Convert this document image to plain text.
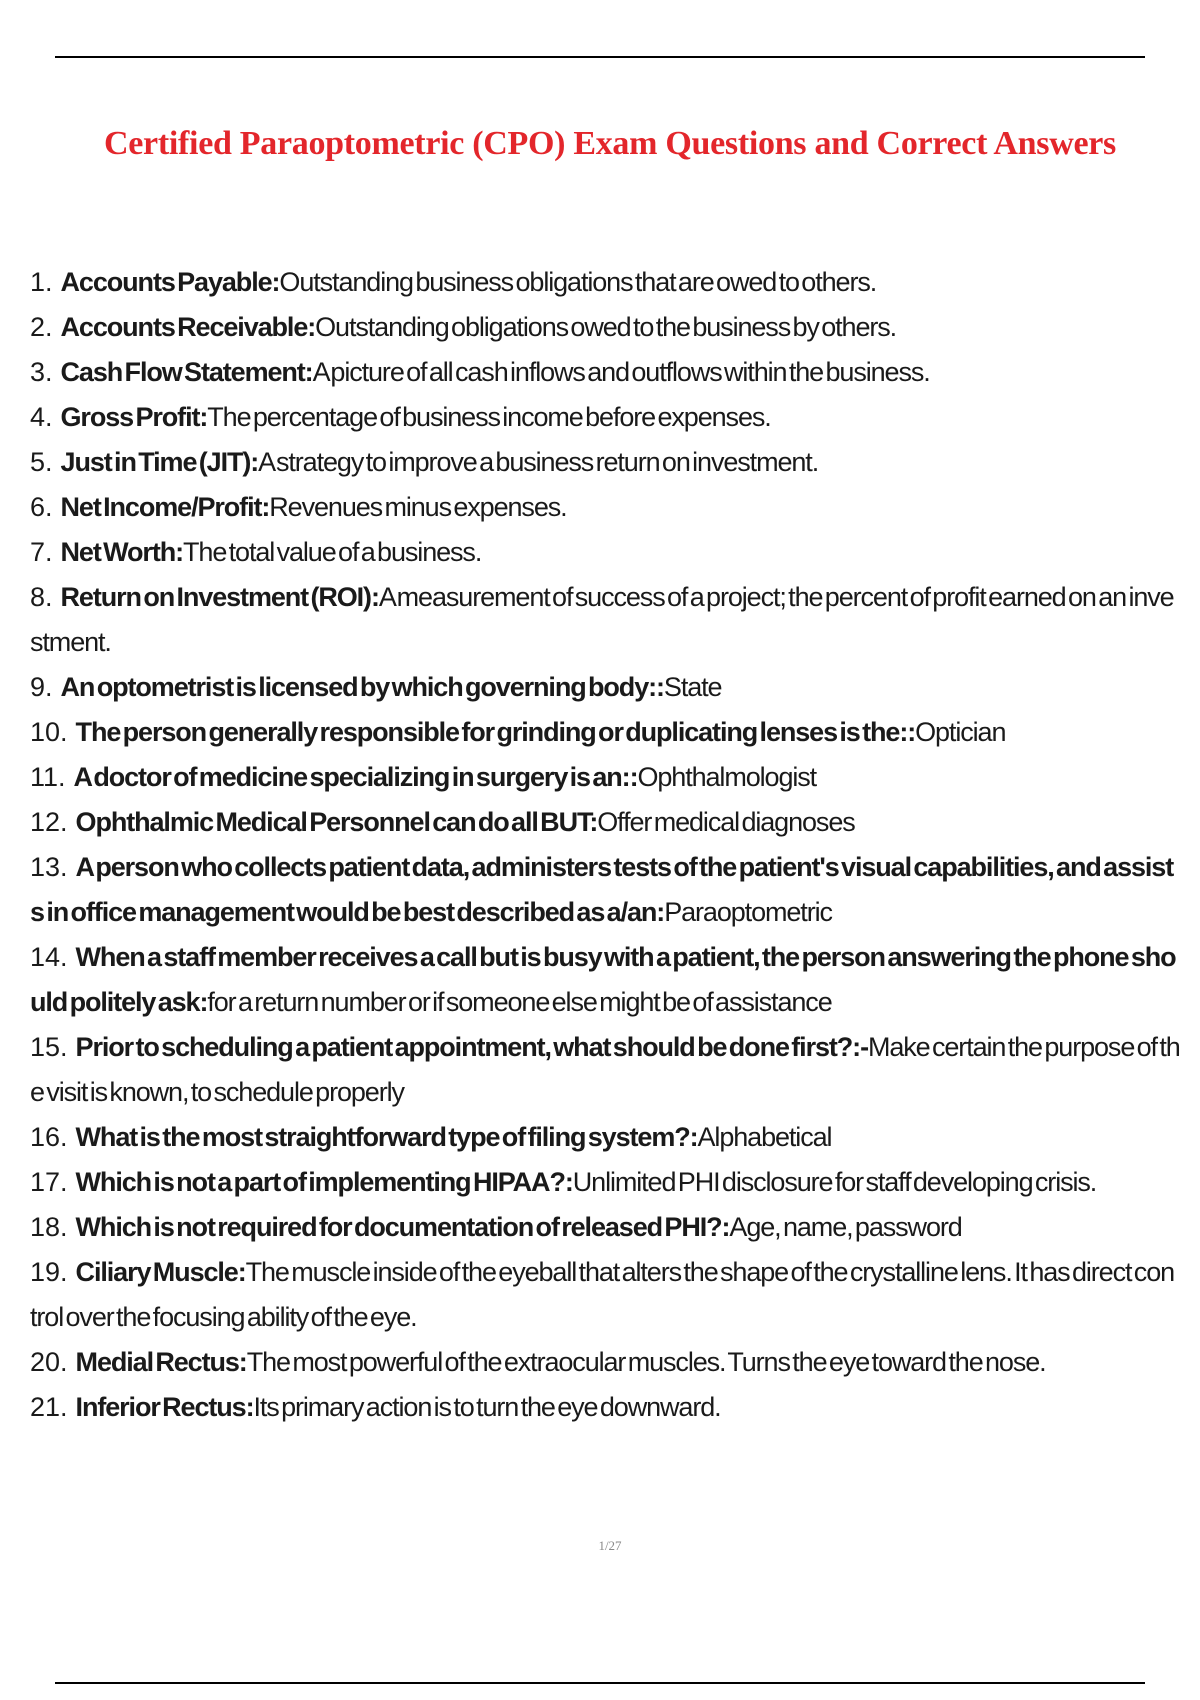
Certified Paraoptometric (CPO) Exam Questions and Correct Answers
1. Accounts Payable:Outstanding business obligations that are owed to others.
2. Accounts Receivable:Outstanding obligations owed to the business by others.
3. Cash Flow Statement:A picture of all cash inflows and outflows within the business.
4. Gross Profit:The percentage of business income before expenses.
5. Just in Time (JIT):A strategy to improve a business return on investment.
6. Net Income/Profit:Revenues minus expenses.
7. Net Worth:The total value of a business.
8. Return on Investment (ROI):A measurement of success of a project; the percent of profit earned on an investment.
9. An optometrist is licensed by which governing body::State
10. The person generally responsible for grinding or duplicating lenses is the::Optician
11. A doctor of medicine specializing in surgery is an::Ophthalmologist
12. Ophthalmic Medical Personnel can do all BUT:Offer medical diagnoses
13. A person who collects patient data, administers tests of the patient's visual capabilities, and assists in office management would be best described as a/an:Paraoptometric
14. When a staff member receives a call but is busy with a patient, the person answering the phone should politely ask:for a return number or if someone else might be of assistance
15. Prior to scheduling a patient appointment, what should be done first?:-Make certain the purpose of the visit is known, to schedule properly
16. What is the most straightforward type of filing system?:Alphabetical
17. Which is not a part of implementing HIPAA?:Unlimited PHI disclosure for staff developing crisis.
18. Which is not required for documentation of released PHI?:Age, name, password
19. Ciliary Muscle:The muscle inside of the eyeball that alters the shape of the crystalline lens. It has direct control over the focusing ability of the eye.
20. Medial Rectus:The most powerful of the extraocular muscles. Turns the eye toward the nose.
21. Inferior Rectus:Its primary action is to turn the eye downward.
1/27
